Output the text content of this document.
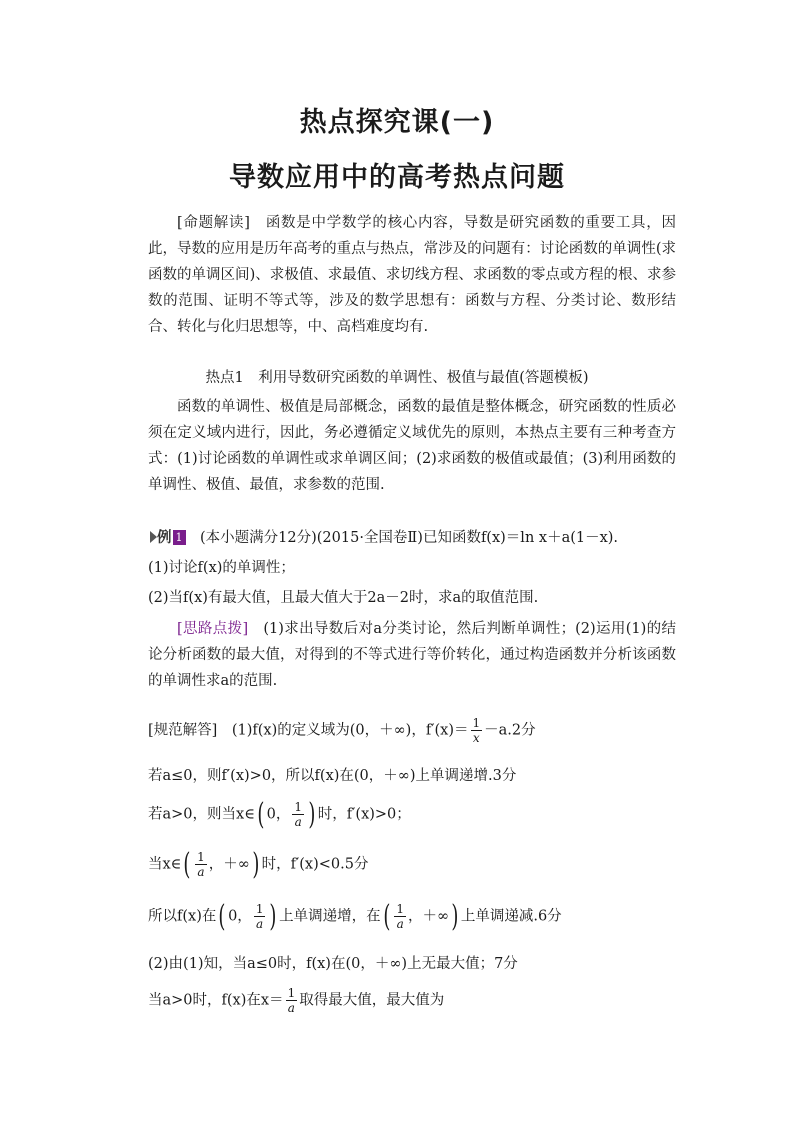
热点探究课(一)
导数应用中的高考热点问题
[命题解读]　 函数是中学数学的核心内容，导数是研究函数的重要工具，因此，导数的应用是历年高考的重点与热点，常涉及的问题有：讨论函数的单调性(求函数的单调区间)、求极值、求最值、求切线方程、求函数的零点或方程的根、求参数的范围、证明不等式等，涉及的数学思想有：函数与方程、分类讨论、数形结合、转化与化归思想等，中、高档难度均有.
热点1　利用导数研究函数的单调性、极值与最值(答题模板)
函数的单调性、极值是局部概念，函数的最值是整体概念，研究函数的性质必须在定义域内进行，因此，务必遵循定义域优先的原则，本热点主要有三种考查方式：(1)讨论函数的单调性或求单调区间；(2)求函数的极值或最值；(3)利用函数的单调性、极值、最值，求参数的范围.
例 1　 (本小题满分12分)(2015·全国卷Ⅱ)已知函数f(x)＝ln x＋a(1－x).
(1)讨论f(x)的单调性；
(2)当f(x)有最大值，且最大值大于2a－2时，求a的取值范围.
[思路点拨]　 (1)求出导数后对a分类讨论，然后判断单调性；(2)运用(1)的结论分析函数的最大值，对得到的不等式进行等价转化，通过构造函数并分析该函数的单调性求a的范围.
[规范解答]　 (1)f(x)的定义域为(0，＋∞)，$f'(x)= \frac{1}{x} -a.2$分
若a≤0，则f′(x)>0，所以f(x)在(0，＋∞)上单调递增.3分
若a>0，则当x∈( 0， $\frac{1}{a}$ ) 时，f′(x)>0；
当x∈( $\frac{1}{a}$ ，＋∞) 时，f′(x)<0.5分
所以f(x)在( 0， $\frac{1}{a}$ ) 上单调递增，在( $\frac{1}{a}$ ，＋∞) 上单调递减.6分
(2)由(1)知，当a≤0时，f(x)在(0，＋∞)上无最大值；7分
当a>0时，f(x)在$x= \frac{1}{a}$ 取得最大值，最大值为
